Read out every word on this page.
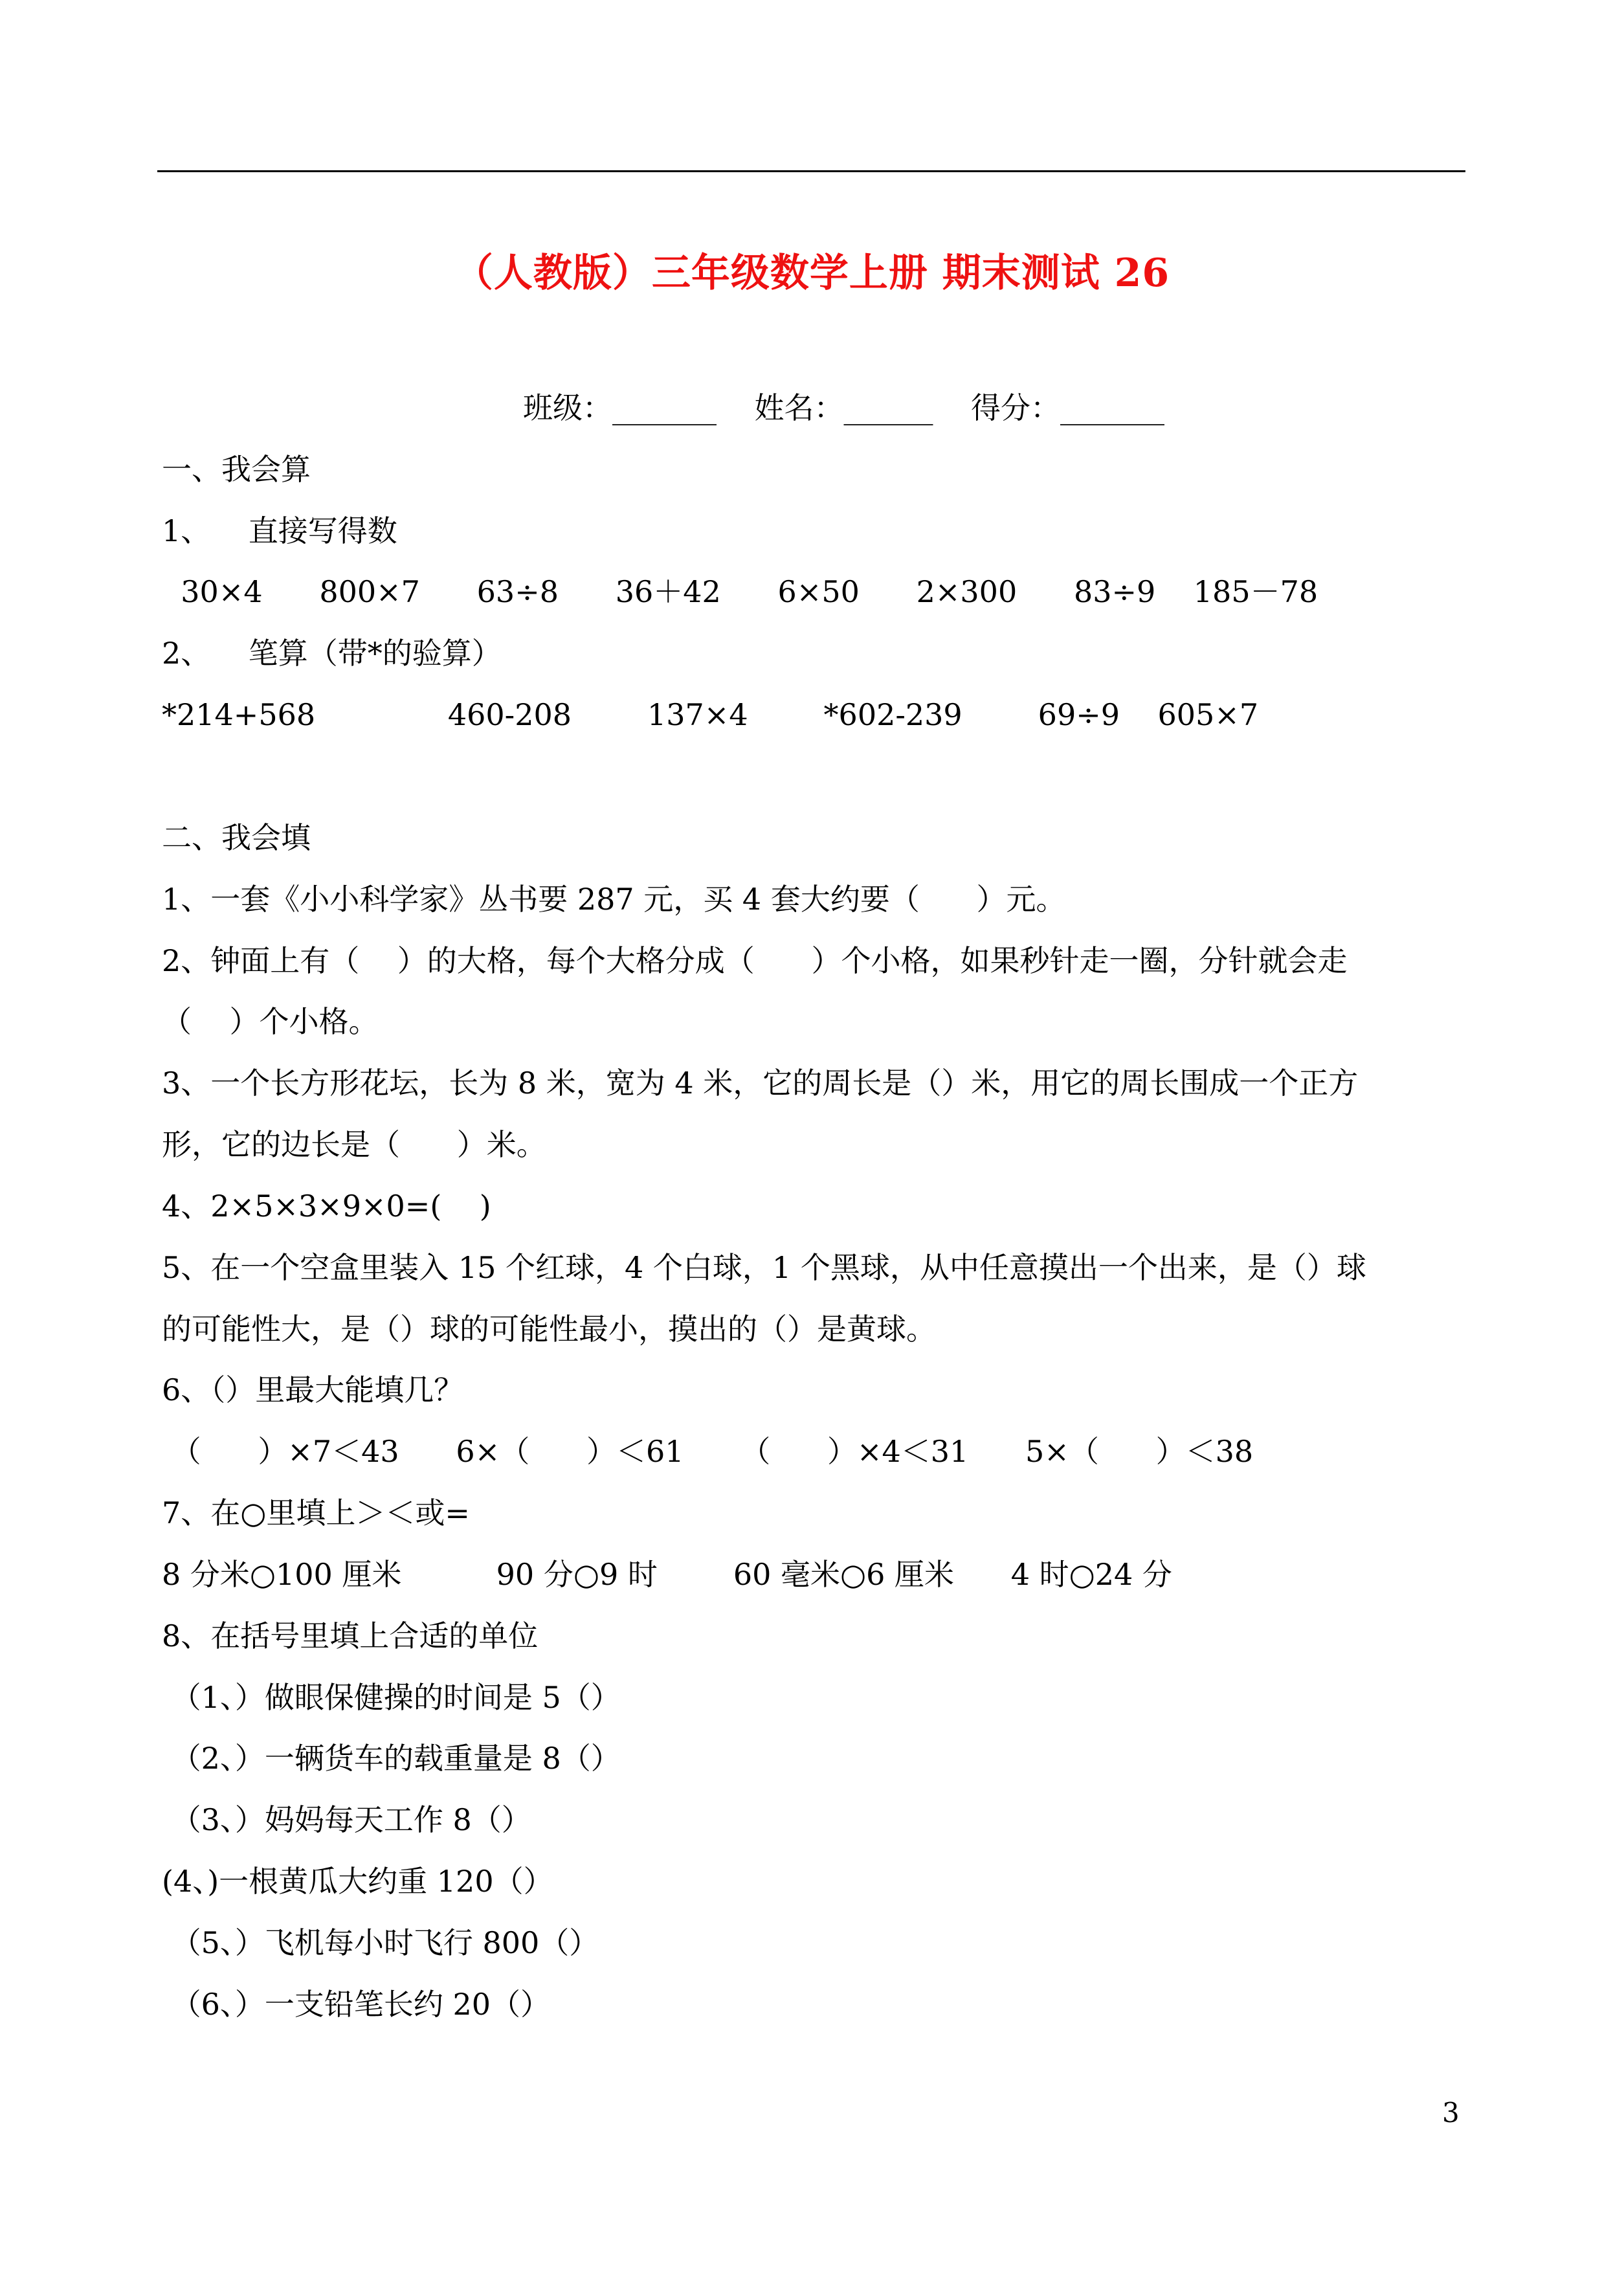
（人教版）三年级数学上册 期末测试 26
班级：_______    姓名：______    得分：_______
一、我会算
1、    直接写得数
30×4      800×7      63÷8      36＋42      6×50      2×300      83÷9    185－78
2、    笔算（带*的验算）
*214+568              460-208        137×4        *602-239        69÷9    605×7
二、我会填
1、一套《小小科学家》丛书要 287 元，买 4 套大约要（      ）元。
2、钟面上有（    ）的大格，每个大格分成（      ）个小格，如果秒针走一圈，分针就会走
（    ）个小格。
3、一个长方形花坛，长为 8 米，宽为 4 米，它的周长是（）米，用它的周长围成一个正方
形，它的边长是（      ）米。
4、2×5×3×9×0=(    )
5、在一个空盒里装入 15 个红球，4 个白球，1 个黑球，从中任意摸出一个出来，是（）球
的可能性大，是（）球的可能性最小，摸出的（）是黄球。
6、（）里最大能填几？
（      ）×7＜43      6×（      ）＜61      （      ）×4＜31      5×（      ）＜38
7、在○里填上＞＜或=
8 分米○100 厘米          90 分○9 时        60 毫米○6 厘米      4 时○24 分
8、在括号里填上合适的单位
（1、）做眼保健操的时间是 5（）
（2、）一辆货车的载重量是 8（）
（3、）妈妈每天工作 8（）
(4、)一根黄瓜大约重 120（）
（5、）飞机每小时飞行 800（）
（6、）一支铅笔长约 20（）
3
